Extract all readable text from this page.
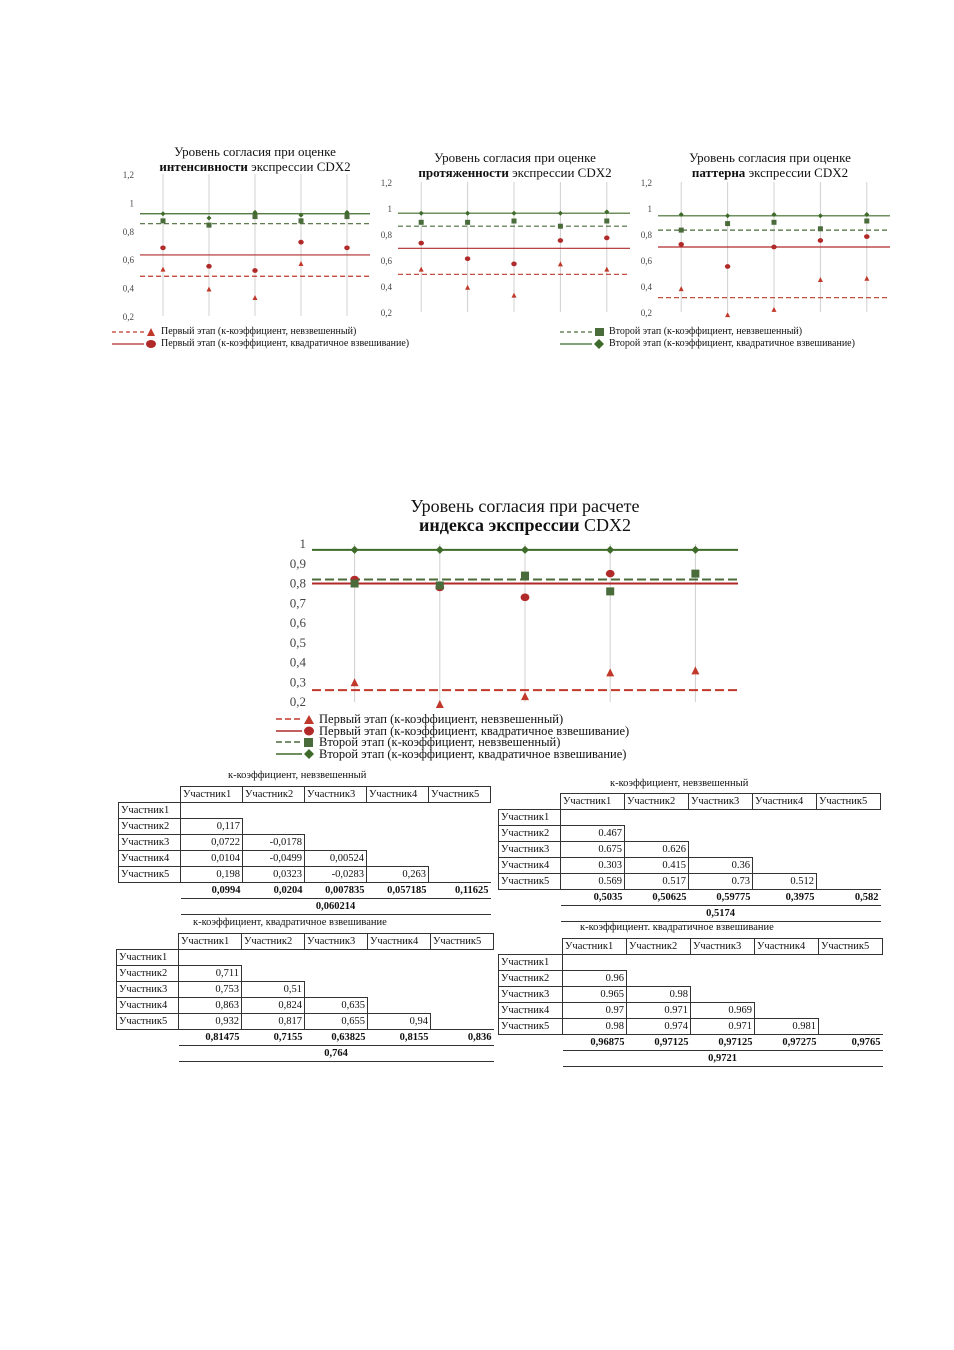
Уровень согласия при оценке
интенсивности экспрессии CDX2
1,2
1
0,8
0,6
0,4
0,2
Уровень согласия при оценке
протяженности экспрессии CDX2
1,2
1
0,8
0,6
0,4
0,2
Уровень согласия при оценке
паттерна экспрессии CDX2
1,2
1
0,8
0,6
0,4
0,2
Первый этап (к-коэффициент, невзвешенный)
Первый этап (к-коэффициент, квадратичное взвешивание)
Второй этап (к-коэффициент, невзвешенный)
Второй этап (к-коэффициент, квадратичное взвешивание)
Уровень согласия при расчете
индекса экспрессии CDX2
1
0,9
0,8
0,7
0,6
0,5
0,4
0,3
0,2
Первый этап (к-коэффициент, невзвешенный)
Первый этап (к-коэффициент, квадратичное взвешивание)
Второй этап (к-коэффициент, невзвешенный)
Второй этап (к-коэффициент, квадратичное взвешивание)
к-коэффициент, невзвешенный
	Участник1	Участник2	Участник3	Участник4	Участник5
Участник1					
Участник2	0,117				
Участник3	0,0722	-0,0178			
Участник4	0,0104	-0,0499	0,00524		
Участник5	0,198	0,0323	-0,0283	0,263	
	0,0994	0,0204	0,007835	0,057185	0,11625
	0,060214				
к-коэффициент, невзвешенный
	Участник1	Участник2	Участник3	Участник4	Участник5
Участник1					
Участник2	0.467				
Участник3	0.675	0.626			
Участник4	0.303	0.415	0.36		
Участник5	0.569	0.517	0.73	0.512	
	0,5035	0,50625	0,59775	0,3975	0,582
	0,5174				
к-коэффициент, квадратичное взвешивание
	Участник1	Участник2	Участник3	Участник4	Участник5
Участник1					
Участник2	0,711				
Участник3	0,753	0,51			
Участник4	0,863	0,824	0,635		
Участник5	0,932	0,817	0,655	0,94	
	0,81475	0,7155	0,63825	0,8155	0,836
	0,764				
к-коэффициент. квадратичное взвешивание
	Участник1	Участник2	Участник3	Участник4	Участник5
Участник1					
Участник2	0.96				
Участник3	0.965	0.98			
Участник4	0.97	0.971	0.969		
Участник5	0.98	0.974	0.971	0.981	
	0,96875	0,97125	0,97125	0,97275	0,9765
	0,9721				
